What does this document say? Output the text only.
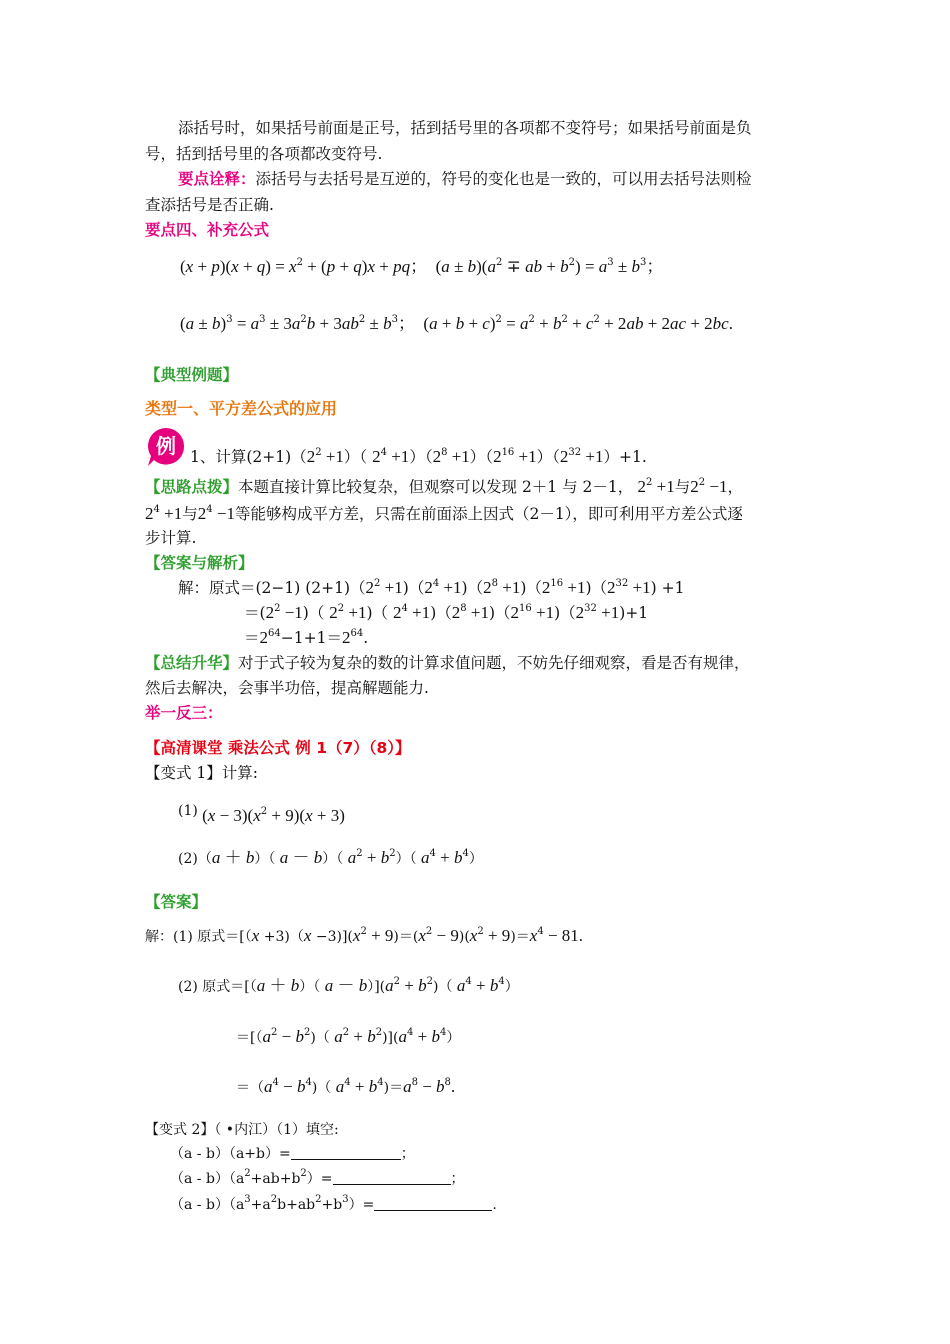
添括号时，如果括号前面是正号，括到括号里的各项都不变符号；如果括号前面是负
号，括到括号里的各项都改变符号.
要点诠释：添括号与去括号是互逆的，符号的变化也是一致的，可以用去括号法则检
查添括号是否正确.
要点四、补充公式
$(x + p)(x + q) = x^2 + (p + q)x$ + pq；  $(a \pm b)(a^2$ ∓ ab + $b^2) = a^3 \pm b^3$；
$(a \pm b)^3 = a^3 \pm 3a^2b + 3ab^2 \pm b^3$；  $(a + b + c)^2 = a^2 + b^2 + c^2 + 2ab + 2ac + 2bc$.
【典型例题】
类型一、平方差公式的应用
例 1、计算$(2+1)(2^2 +1)$（ $2^4 +1)(2^8 +1)(2^{16} +1)(2^{32} +1)+1$.
【思路点拨】本题直接计算比较复杂，但观察可以发现 2＋1 与 2－1， $2^2 +1$与$2^2 -1$，
$2^4 +1$与$2^4 -1$等能够构成平方差，只需在前面添上因式（2－1），即可利用平方差公式逐
步计算.
【答案与解析】
解：原式＝(2−1) $(2+1)(2^2 +1)(2^4 +1)(2^8 +1)(2^{16} +1)(2^{32} +1) +1$
$=(2^2 -1)$（ $2^2 +1$)（ $2^4 +1)(2^8 +1)(2^{16} +1)(2^{32} +1)+1$
$=2^{64}-1+1=2^{64}$.
【总结升华】对于式子较为复杂的数的计算求值问题，不妨先仔细观察，看是否有规律，
然后去解决，会事半功倍，提高解题能力.
举一反三：
【高清课堂 乘法公式 例 1（7）（8）】
【变式 1】计算:
(1) $(x - 3)(x^2 + 9)(x + 3)$
(2)（a ＋ b）（ a － b）（ $a^2 + b^2$）（ $a^4 + b^4$）
【答案】
解：(1) 原式$=[(x +3)(x -3)](x^2 + 9)=(x^2 - 9)(x^2 + 9)=x^4 - 81$.
(2) 原式＝[（a ＋ b）（ $a - b)](a^2 + b^2)$（ $a^4 + b^4$）
$=[(a^2 - b^2)$（ $a^2 + b^2)](a^4 + b^4)$
$=(a^4 - b^4)$（ $a^4 + b^4)=a^8 - b^8$.
【变式 2】（ •内江）（1）填空:
（a - b）（a+b）=	；
$(a - b)(a^2+ab+b^2)=$	；
$(a - b)(a^3+a^2b+ab^2+b^3)=$	.
